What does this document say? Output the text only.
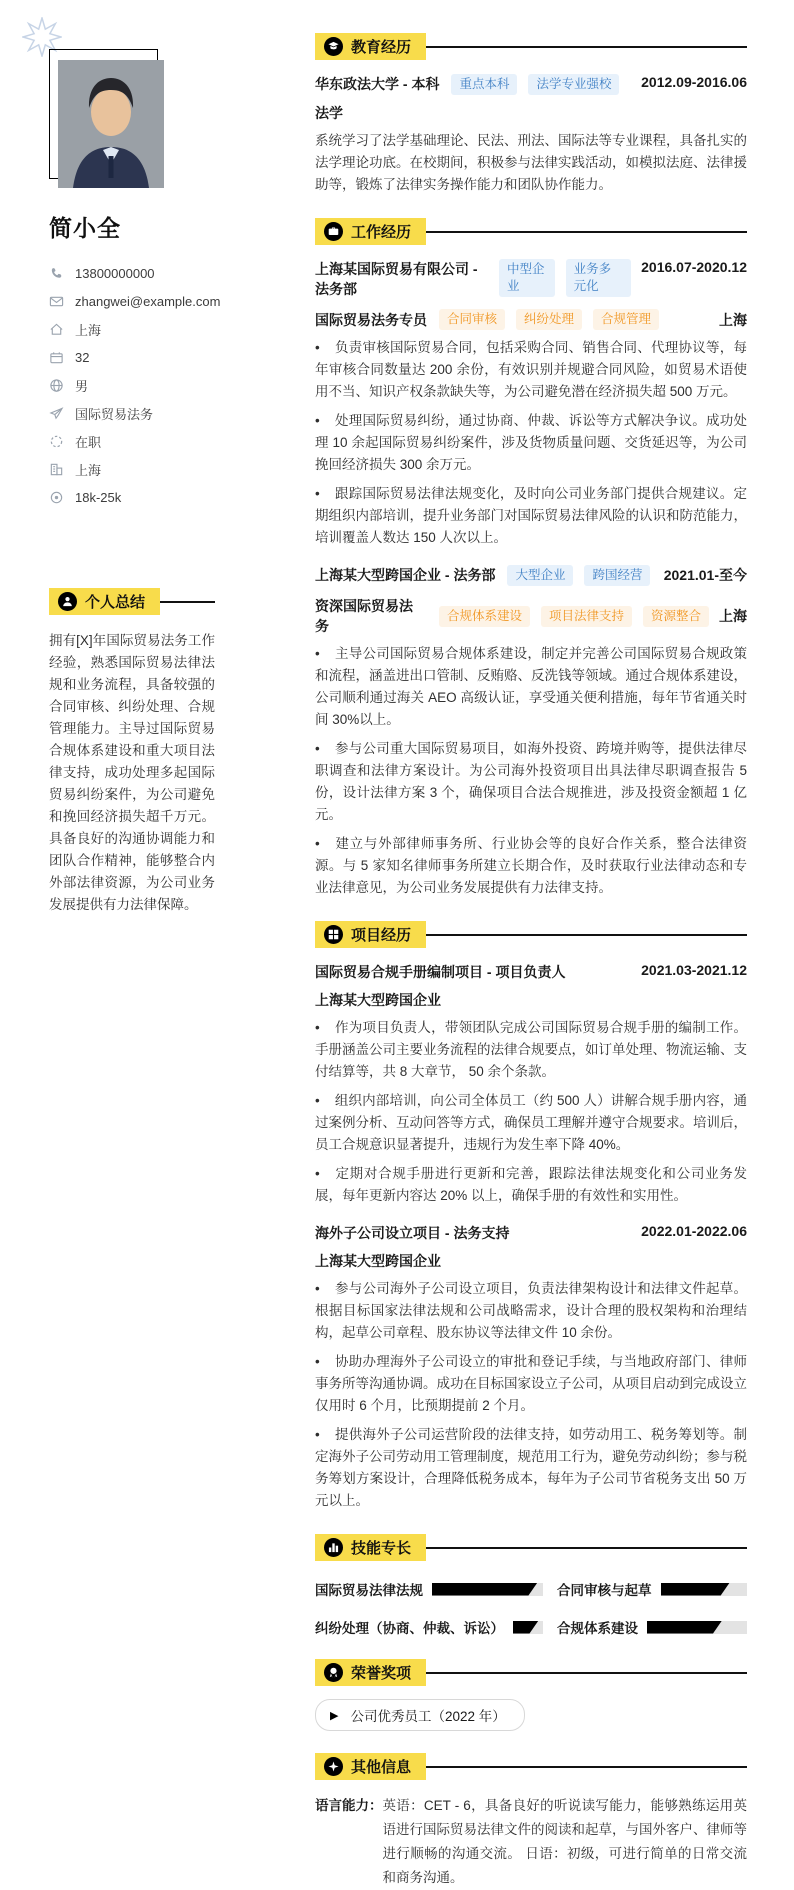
简小全
13800000000
zhangwei@example.com
上海
32
男
国际贸易法务
在职
上海
18k-25k
个人总结

拥有[X]年国际贸易法务工作经验，熟悉国际贸易法律法规和业务流程，具备较强的合同审核、纠纷处理、合规管理能力。主导过国际贸易合规体系建设和重大项目法律支持，成功处理多起国际贸易纠纷案件，为公司避免和挽回经济损失超千万元。具备良好的沟通协调能力和团队合作精神，能够整合内外部法律资源，为公司业务发展提供有力法律保障。

教育经历
华东政法大学 - 本科	重点本科	法学专业强校	2012.09-2016.06
法学

系统学习了法学基础理论、民法、刑法、国际法等专业课程，具备扎实的法学理论功底。在校期间，积极参与法律实践活动，如模拟法庭、法律援助等，锻炼了法律实务操作能力和团队协作能力。

工作经历
上海某国际贸易有限公司 - 法务部
中型企业
业务多元化
2016.07-2020.12
国际贸易法务专员	合同审核	纠纷处理	合规管理	上海

• 负责审核国际贸易合同，包括采购合同、销售合同、代理协议等，每年审核合同数量达 200 余份，有效识别并规避合同风险，如贸易术语使用不当、知识产权条款缺失等，为公司避免潜在经济损失超 500 万元。

• 处理国际贸易纠纷，通过协商、仲裁、诉讼等方式解决争议。成功处理 10 余起国际贸易纠纷案件，涉及货物质量问题、交货延迟等，为公司挽回经济损失 300 余万元。

• 跟踪国际贸易法律法规变化，及时向公司业务部门提供合规建议。定期组织内部培训，提升业务部门对国际贸易法律风险的认识和防范能力，培训覆盖人数达 150 人次以上。

上海某大型跨国企业 - 法务部	大型企业	跨国经营	2021.01-至今
资深国际贸易法务
合规体系建设	项目法律支持	资源整合	上海

• 主导公司国际贸易合规体系建设，制定并完善公司国际贸易合规政策和流程，涵盖进出口管制、反贿赂、反洗钱等领域。通过合规体系建设，公司顺利通过海关 AEO 高级认证，享受通关便利措施，每年节省通关时间 30%以上。

• 参与公司重大国际贸易项目，如海外投资、跨境并购等，提供法律尽职调查和法律方案设计。为公司海外投资项目出具法律尽职调查报告 5 份，设计法律方案 3 个，确保项目合法合规推进，涉及投资金额超 1 亿元。

• 建立与外部律师事务所、行业协会等的良好合作关系，整合法律资源。与 5 家知名律师事务所建立长期合作，及时获取行业法律动态和专业法律意见，为公司业务发展提供有力法律支持。

项目经历
国际贸易合规手册编制项目 - 项目负责人	2021.03-2021.12
上海某大型跨国企业

• 作为项目负责人，带领团队完成公司国际贸易合规手册的编制工作。手册涵盖公司主要业务流程的法律合规要点，如订单处理、物流运输、支付结算等，共 8 大章节， 50 余个条款。

• 组织内部培训，向公司全体员工（约 500 人）讲解合规手册内容，通过案例分析、互动问答等方式，确保员工理解并遵守合规要求。培训后，员工合规意识显著提升，违规行为发生率下降 40%。

• 定期对合规手册进行更新和完善，跟踪法律法规变化和公司业务发展，每年更新内容达 20% 以上，确保手册的有效性和实用性。

海外子公司设立项目 - 法务支持	2022.01-2022.06
上海某大型跨国企业

• 参与公司海外子公司设立项目，负责法律架构设计和法律文件起草。根据目标国家法律法规和公司战略需求，设计合理的股权架构和治理结构，起草公司章程、股东协议等法律文件 10 余份。

• 协助办理海外子公司设立的审批和登记手续，与当地政府部门、律师事务所等沟通协调。成功在目标国家设立子公司，从项目启动到完成设立仅用时 6 个月，比预期提前 2 个月。

• 提供海外子公司运营阶段的法律支持，如劳动用工、税务筹划等。制定海外子公司劳动用工管理制度，规范用工行为，避免劳动纠纷；参与税务筹划方案设计，合理降低税务成本，每年为子公司节省税务支出 50 万元以上。

技能专长
国际贸易法律法规	合同审核与起草
纠纷处理（协商、仲裁、诉讼）	合规体系建设
荣誉奖项
▶ 公司优秀员工（2022 年）
其他信息
语言能力： 英语：CET - 6，具备良好的听说读写能力，能够熟练运用英语进行国际贸易法律文件的阅读和起草，与国外客户、律师等进行顺畅的沟通交流。 日语：初级，可进行简单的日常交流和商务沟通。
